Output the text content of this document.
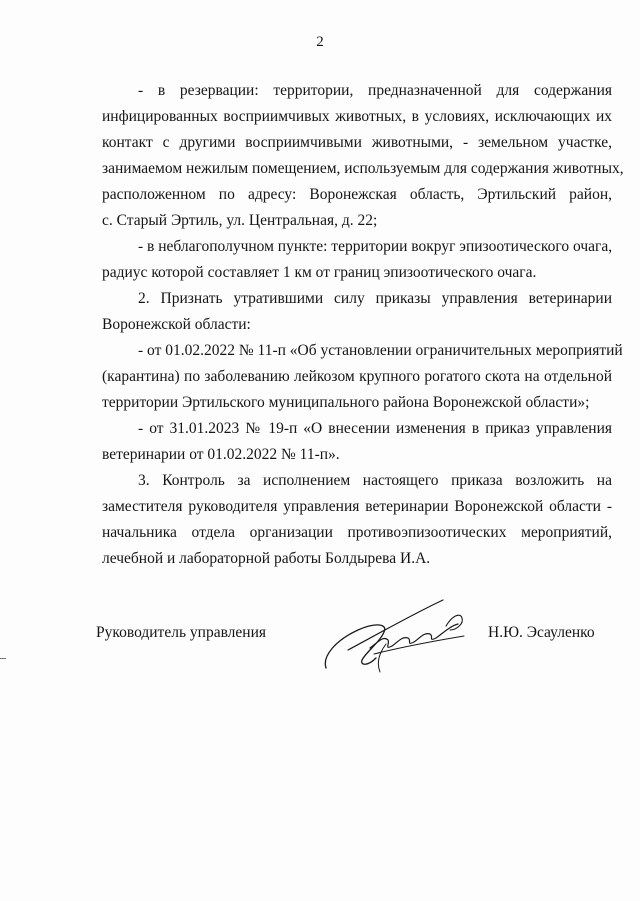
2
- в резервации: территории, предназначенной для содержания
инфицированных восприимчивых животных, в условиях, исключающих их
контакт с другими восприимчивыми животными, - земельном участке,
занимаемом нежилым помещением, используемым для содержания животных,
расположенном по адресу: Воронежская область, Эртильский район,
с. Старый Эртиль, ул. Центральная, д. 22;
- в неблагополучном пункте: территории вокруг эпизоотического очага,
радиус которой составляет 1 км от границ эпизоотического очага.
2. Признать утратившими силу приказы управления ветеринарии
Воронежской области:
- от 01.02.2022 № 11-п «Об установлении ограничительных мероприятий
(карантина) по заболеванию лейкозом крупного рогатого скота на отдельной
территории Эртильского муниципального района Воронежской области»;
- от 31.01.2023 № 19-п «О внесении изменения в приказ управления
ветеринарии от 01.02.2022 № 11-п».
3. Контроль за исполнением настоящего приказа возложить на
заместителя руководителя управления ветеринарии Воронежской области -
начальника отдела организации противоэпизоотических мероприятий,
лечебной и лабораторной работы Болдырева И.А.
Руководитель управления	Н.Ю. Эсауленко
